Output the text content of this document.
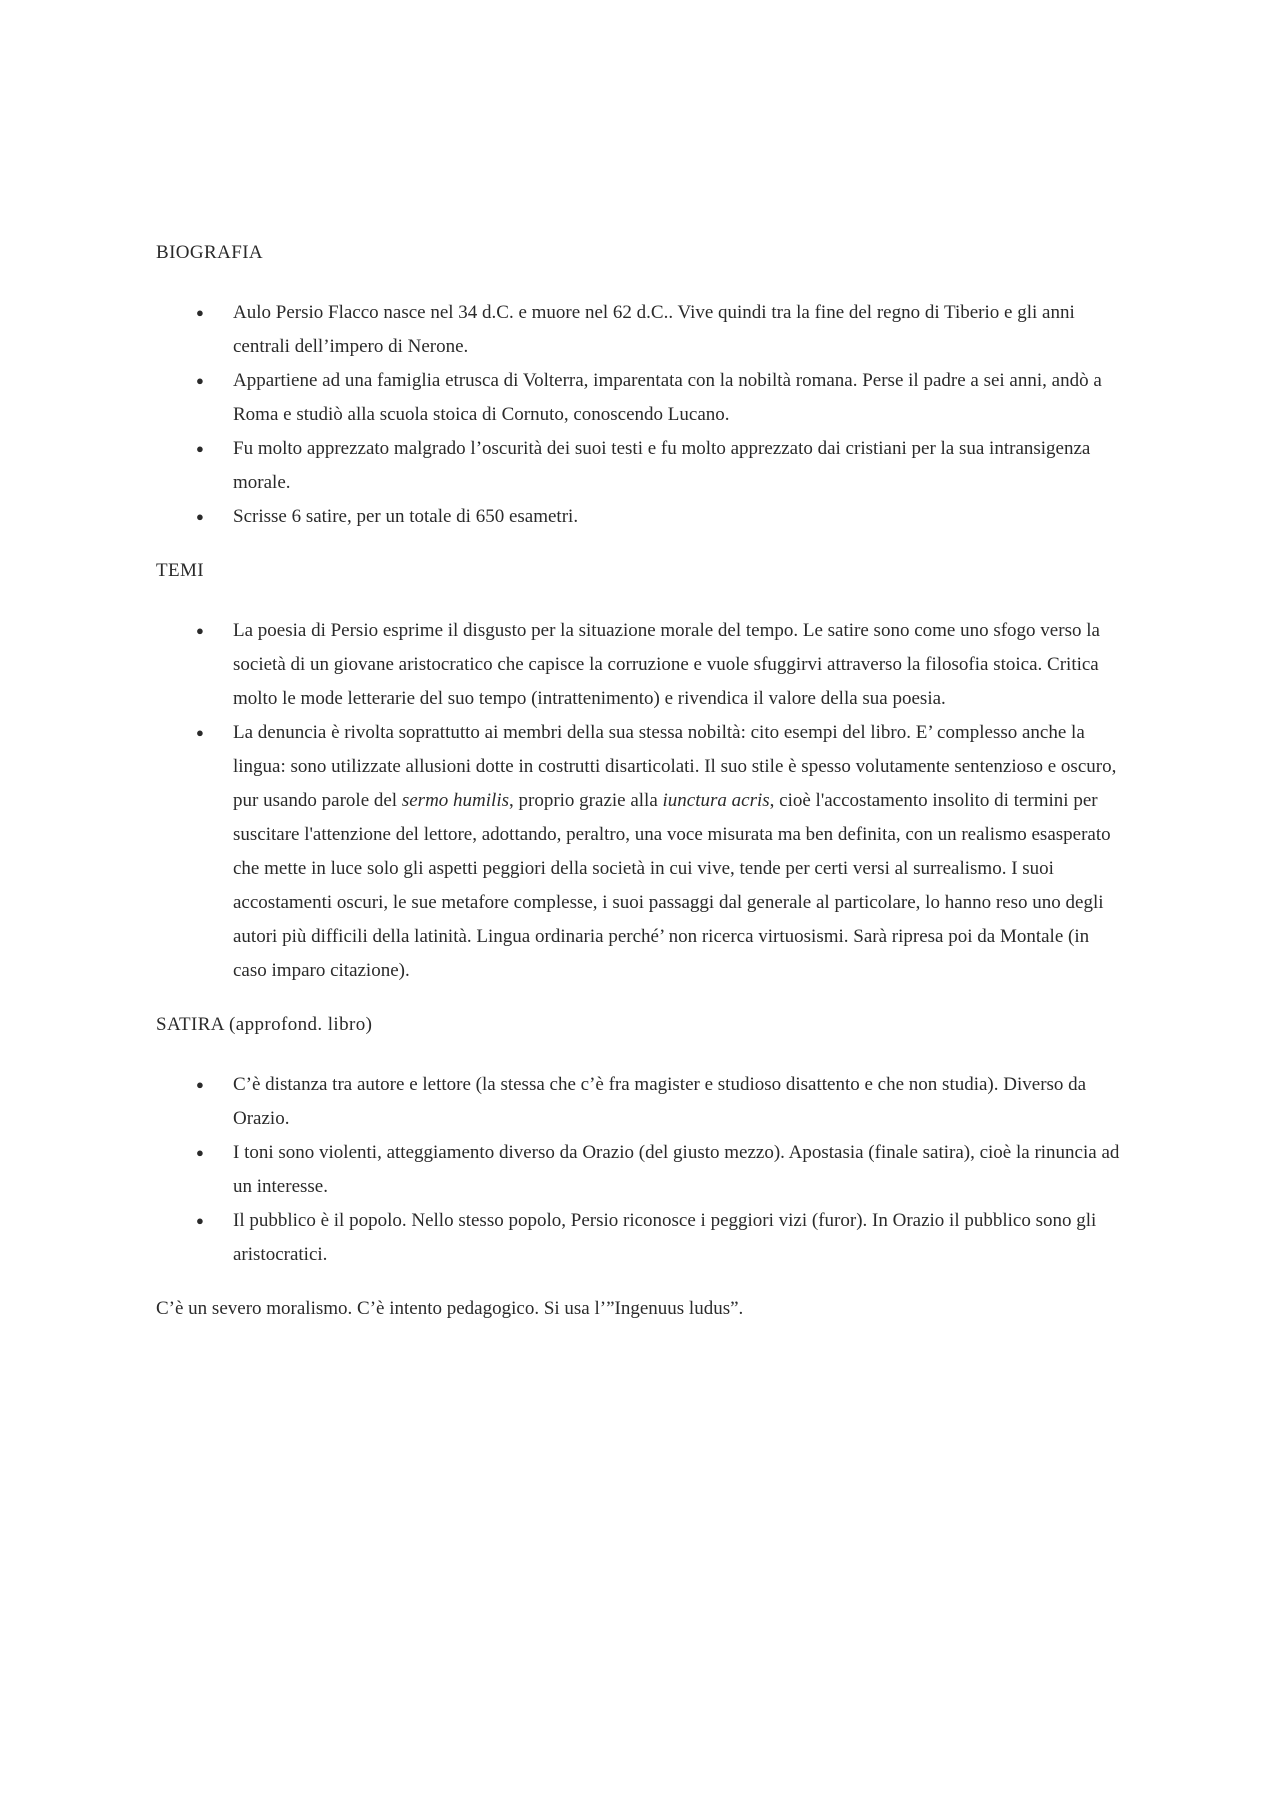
BIOGRAFIA

● Aulo Persio Flacco nasce nel 34 d.C. e muore nel 62 d.C.. Vive quindi tra la fine del regno di Tiberio e gli anni centrali dell’impero di Nerone.
● Appartiene ad una famiglia etrusca di Volterra, imparentata con la nobiltà romana. Perse il padre a sei anni, andò a Roma e studiò alla scuola stoica di Cornuto, conoscendo Lucano.
● Fu molto apprezzato malgrado l’oscurità dei suoi testi e fu molto apprezzato dai cristiani per la sua intransigenza morale.
● Scrisse 6 satire, per un totale di 650 esametri.

TEMI

● La poesia di Persio esprime il disgusto per la situazione morale del tempo. Le satire sono come uno sfogo verso la società di un giovane aristocratico che capisce la corruzione e vuole sfuggirvi attraverso la filosofia stoica. Critica molto le mode letterarie del suo tempo (intrattenimento) e rivendica il valore della sua poesia.
● La denuncia è rivolta soprattutto ai membri della sua stessa nobiltà: cito esempi del libro. E’ complesso anche la lingua: sono utilizzate allusioni dotte in costrutti disarticolati. Il suo stile è spesso volutamente sentenzioso e oscuro, pur usando parole del sermo humilis, proprio grazie alla iunctura acris, cioè l'accostamento insolito di termini per suscitare l'attenzione del lettore, adottando, peraltro, una voce misurata ma ben definita, con un realismo esasperato che mette in luce solo gli aspetti peggiori della società in cui vive, tende per certi versi al surrealismo. I suoi accostamenti oscuri, le sue metafore complesse, i suoi passaggi dal generale al particolare, lo hanno reso uno degli autori più difficili della latinità. Lingua ordinaria perché’ non ricerca virtuosismi. Sarà ripresa poi da Montale (in caso imparo citazione).

SATIRA (approfond. libro)

● C’è distanza tra autore e lettore (la stessa che c’è fra magister e studioso disattento e che non studia). Diverso da Orazio.
● I toni sono violenti, atteggiamento diverso da Orazio (del giusto mezzo). Apostasia (finale satira), cioè la rinuncia ad un interesse.
● Il pubblico è il popolo. Nello stesso popolo, Persio riconosce i peggiori vizi (furor). In Orazio il pubblico sono gli aristocratici.

C’è un severo moralismo. C’è intento pedagogico. Si usa l’”Ingenuus ludus”.
